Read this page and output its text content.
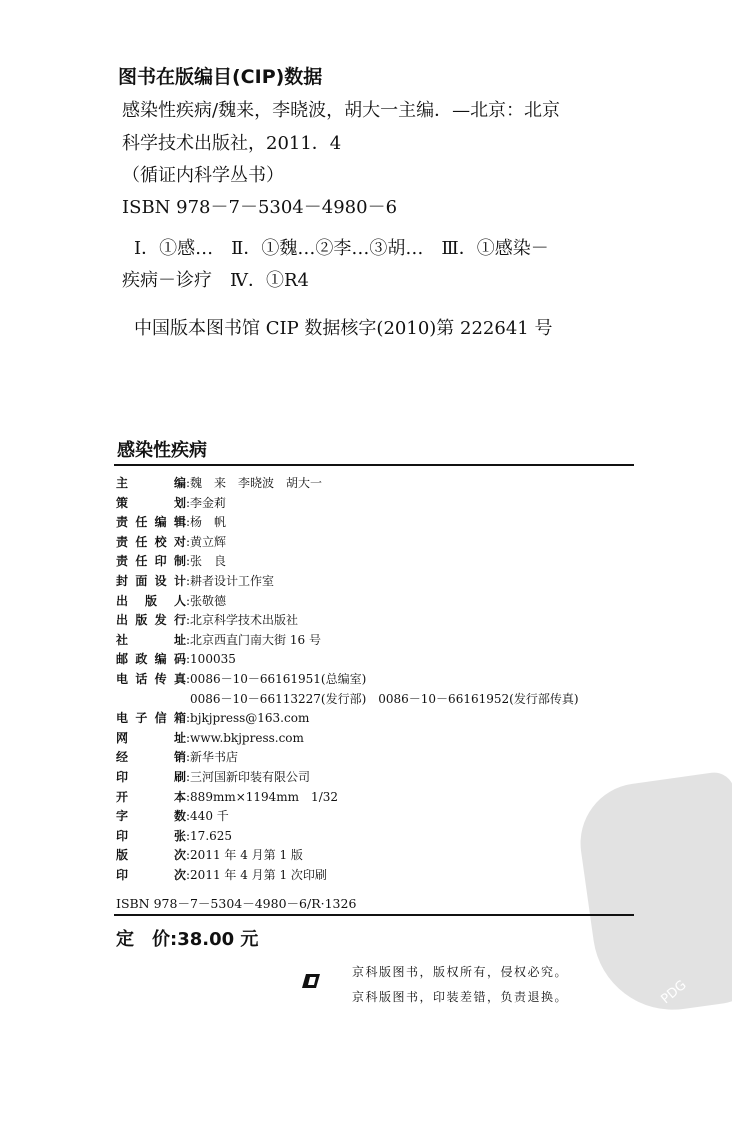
PDG
图书在版编目(CIP)数据
感染性疾病/魏来，李晓波，胡大一主编．—北京：北京
科学技术出版社，2011．4
（循证内科学丛书）
ISBN 978－7－5304－4980－6
Ⅰ．①感…　Ⅱ．①魏…②李…③胡…　Ⅲ．①感染－
疾病－诊疗　Ⅳ．①R4
中国版本图书馆 CIP 数据核字(2010)第 222641 号
感染性疾病
主编 : 魏　来　李晓波　胡大一
策划 : 李金莉
责任编辑 : 杨　帆
责任校对 : 黄立辉
责任印制 : 张　良
封面设计 : 耕者设计工作室
出版人 : 张敬德
出版发行 : 北京科学技术出版社
社址 : 北京西直门南大街 16 号
邮政编码 : 100035
电话传真 : 0086－10－66161951(总编室)
0086－10－66113227(发行部)　0086－10－66161952(发行部传真)
电子信箱 : bjkjpress@163.com
网址 : www.bkjpress.com
经销 : 新华书店
印刷 : 三河国新印装有限公司
开本 : 889mm×1194mm　1/32
字数 : 440 千
印张 : 17.625
版次 : 2011 年 4 月第 1 版
印次 : 2011 年 4 月第 1 次印刷
ISBN 978－7－5304－4980－6/R·1326
定　价:38.00 元
京科版图书，版权所有，侵权必究。
京科版图书，印装差错，负责退换。
